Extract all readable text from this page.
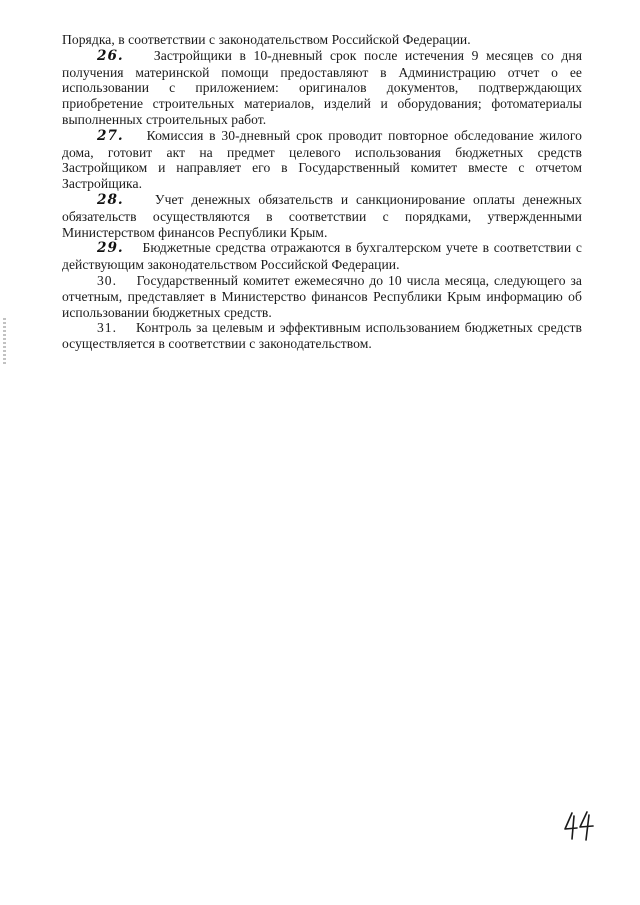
Порядка, в соответствии с законодательством Российской Федерации.

26. Застройщики в 10-дневный срок после истечения 9 месяцев со дня получения материнской помощи предоставляют в Администрацию отчет о ее использовании с приложением: оригиналов документов, подтверждающих приобретение строительных материалов, изделий и оборудования; фотоматериалы выполненных строительных работ.

27. Комиссия в 30-дневный срок проводит повторное обследование жилого дома, готовит акт на предмет целевого использования бюджетных средств Застройщиком и направляет его в Государственный комитет вместе с отчетом Застройщика.

28. Учет денежных обязательств и санкционирование оплаты денежных обязательств осуществляются в соответствии с порядками, утвержденными Министерством финансов Республики Крым.

29. Бюджетные средства отражаются в бухгалтерском учете в соответствии с действующим законодательством Российской Федерации.

30. Государственный комитет ежемесячно до 10 числа месяца, следующего за отчетным, представляет в Министерство финансов Республики Крым информацию об использовании бюджетных средств.

31. Контроль за целевым и эффективным использованием бюджетных средств осуществляется в соответствии с законодательством.
